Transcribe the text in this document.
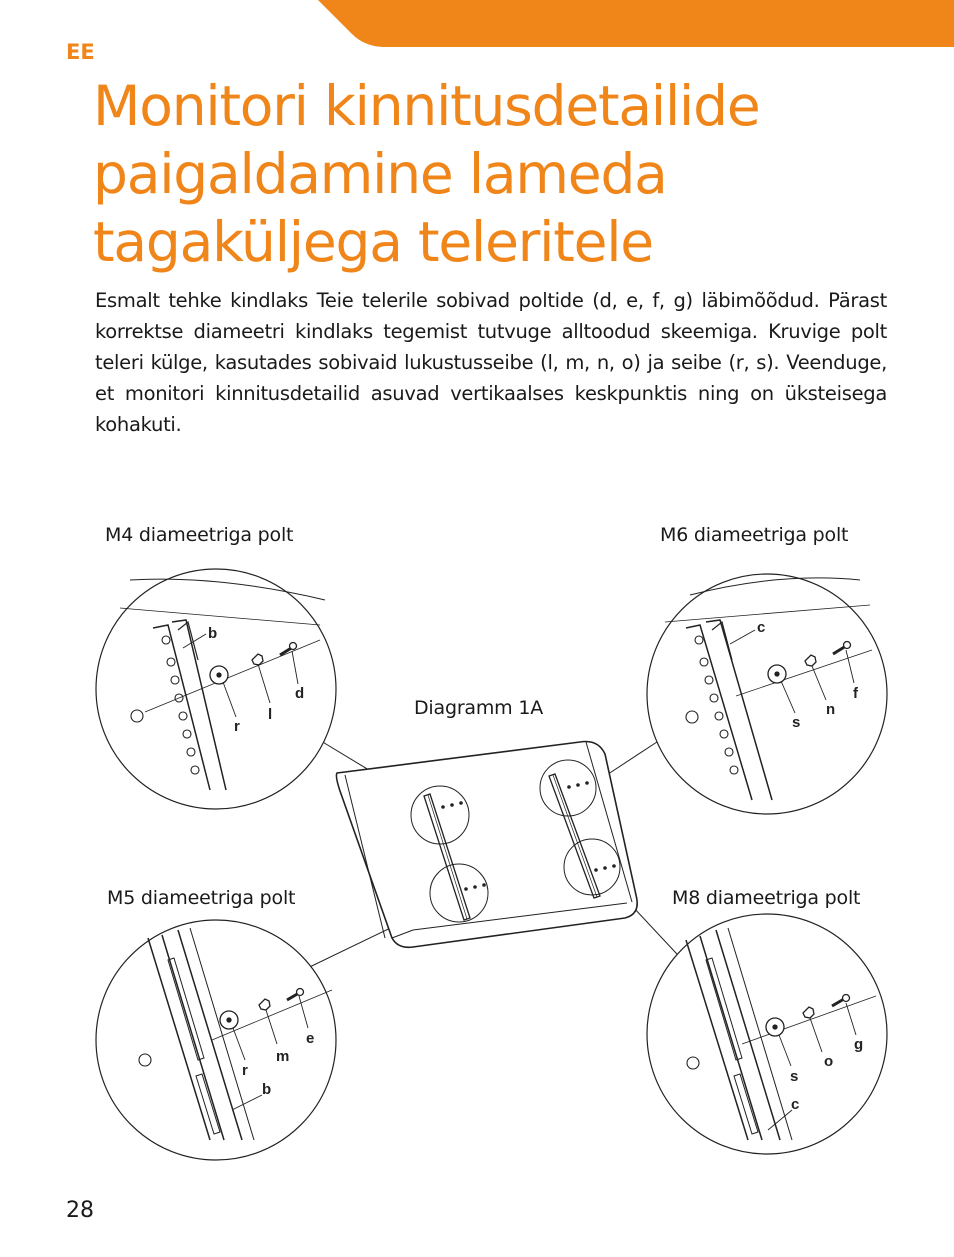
EE
Monitori kinnitusdetailide paigaldamine lameda tagaküljega teleritele

Esmalt tehke kindlaks Teie telerile sobivad poltide (d, e, f, g) läbimõõdud. Pärast korrektse diameetri kindlaks tegemist tutvuge alltoodud skeemiga. Kruvige polt teleri külge, kasutades sobivaid lukustusseibe (l, m, n, o) ja seibe (r, s). Veenduge, et monitori kinnitusdetailid asuvad vertikaalses keskpunktis ning on üksteisega kohakuti.

M4 diameetriga polt	M6 diameetriga polt
Diagramm 1A
M5 diameetriga polt	M8 diameetriga polt
b
r
l
d
c
s
n
f
e
r
m
b
g
s
o
c
28
